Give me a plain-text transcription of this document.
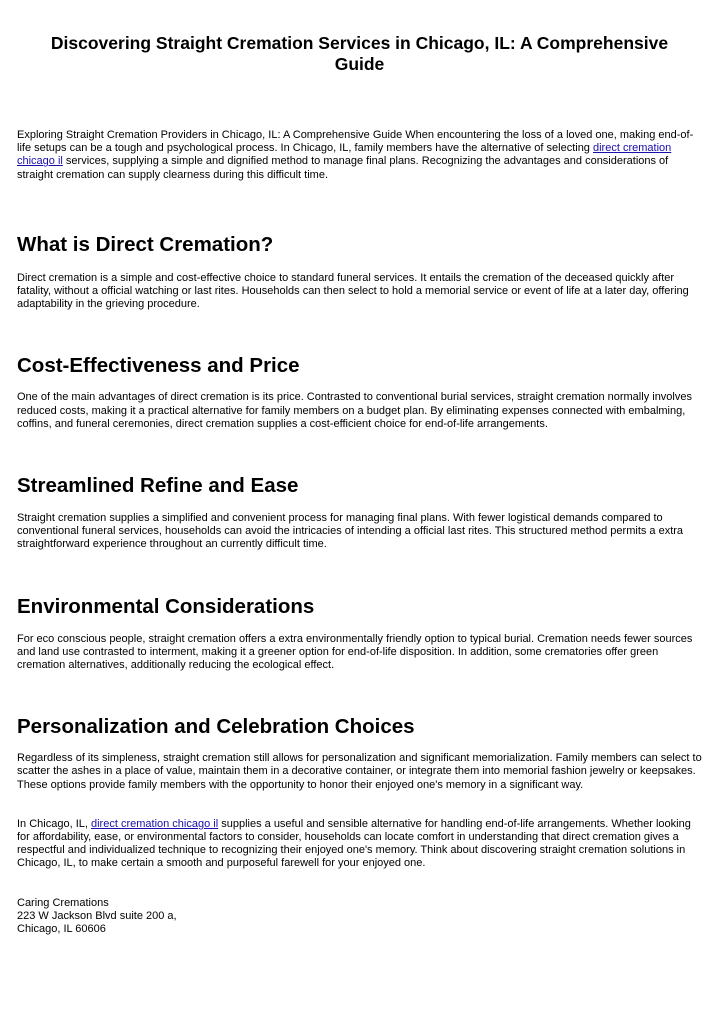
Discovering Straight Cremation Services in Chicago, IL: A Comprehensive Guide

Exploring Straight Cremation Providers in Chicago, IL: A Comprehensive Guide When encountering the loss of a loved one, making end-of-life setups can be a tough and psychological process. In Chicago, IL, family members have the alternative of selecting direct cremation chicago il services, supplying a simple and dignified method to manage final plans. Recognizing the advantages and considerations of straight cremation can supply clearness during this difficult time.

What is Direct Cremation?

Direct cremation is a simple and cost-effective choice to standard funeral services. It entails the cremation of the deceased quickly after fatality, without a official watching or last rites. Households can then select to hold a memorial service or event of life at a later day, offering adaptability in the grieving procedure.

Cost-Effectiveness and Price

One of the main advantages of direct cremation is its price. Contrasted to conventional burial services, straight cremation normally involves reduced costs, making it a practical alternative for family members on a budget plan. By eliminating expenses connected with embalming, coffins, and funeral ceremonies, direct cremation supplies a cost-efficient choice for end-of-life arrangements.

Streamlined Refine and Ease

Straight cremation supplies a simplified and convenient process for managing final plans. With fewer logistical demands compared to conventional funeral services, households can avoid the intricacies of intending a official last rites. This structured method permits a extra straightforward experience throughout an currently difficult time.

Environmental Considerations

For eco conscious people, straight cremation offers a extra environmentally friendly option to typical burial. Cremation needs fewer sources and land use contrasted to interment, making it a greener option for end-of-life disposition. In addition, some crematories offer green cremation alternatives, additionally reducing the ecological effect.

Personalization and Celebration Choices

Regardless of its simpleness, straight cremation still allows for personalization and significant memorialization. Family members can select to scatter the ashes in a place of value, maintain them in a decorative container, or integrate them into memorial fashion jewelry or keepsakes. These options provide family members with the opportunity to honor their enjoyed one's memory in a significant way.

In Chicago, IL, direct cremation chicago il supplies a useful and sensible alternative for handling end-of-life arrangements. Whether looking for affordability, ease, or environmental factors to consider, households can locate comfort in understanding that direct cremation gives a respectful and individualized technique to recognizing their enjoyed one's memory. Think about discovering straight cremation solutions in Chicago, IL, to make certain a smooth and purposeful farewell for your enjoyed one.

Caring Cremations
223 W Jackson Blvd suite 200 a,
Chicago, IL 60606
